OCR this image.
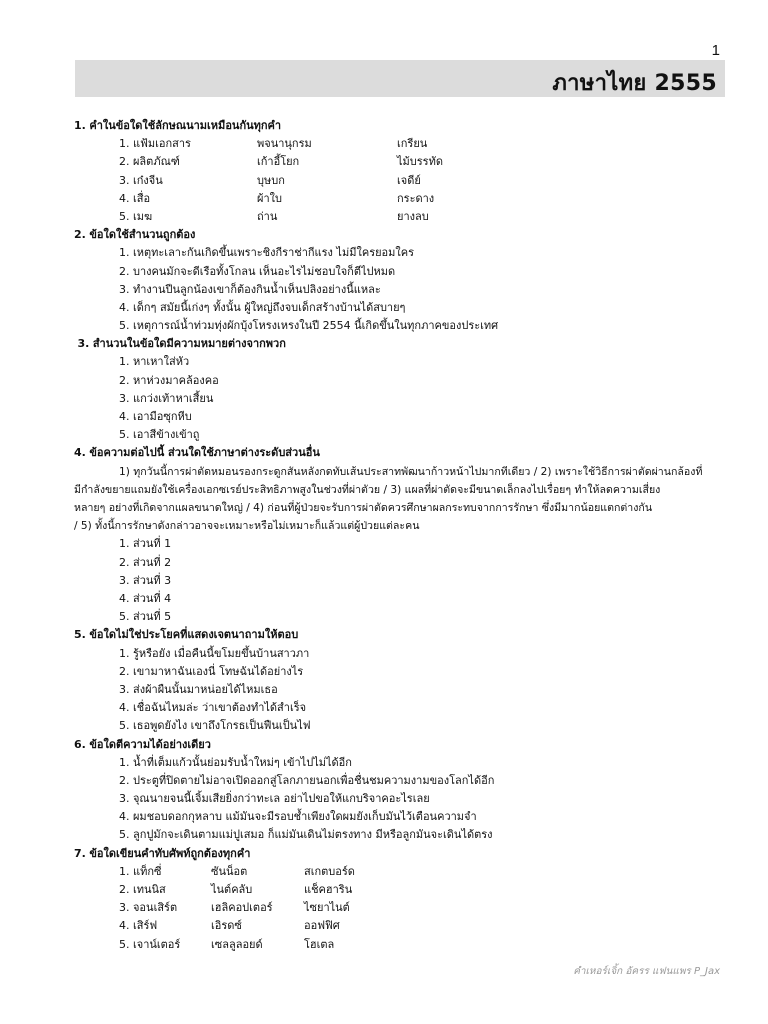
1
ภาษาไทย 2555
1. คำในข้อใดใช้ลักษณนามเหมือนกันทุกคำ
1. แฟ้มเอกสาร	พจนานุกรม	เกรียน
2. ผลิตภัณฑ์	เก้าอี้โยก	ไม้บรรทัด
3. เก๋งจีน	บุษบก	เจดีย์
4. เสื่อ	ผ้าใบ	กระดาง
5. เมฆ	ถ่าน	ยางลบ
2. ข้อใดใช้สำนวนถูกต้อง
1. เหตุทะเลาะกันเกิดขึ้นเพราะชิงกีราช่ากีแรง ไม่มีใครยอมใคร
2. บางคนมักจะดีเรือทั้งโกลน เห็นอะไรไม่ชอบใจก็ตีไปหมด
3. ทำงานปีนลูกน้องเขาก็ต้องกินน้ำเห็นปลิงอย่างนี้แหละ
4. เด็กๆ สมัยนี้เก่งๆ ทั้งนั้น ผู้ใหญ่ถึงจบเด็กสร้างบ้านได้สบายๆ
5. เหตุการณ์น้ำท่วมทุ่งผักบุ้งโหรงเหรงในปี 2554 นี้เกิดขึ้นในทุกภาคของประเทศ
3. สำนวนในข้อใดมีความหมายต่างจากพวก
1. หาเหาใส่หัว
2. หาห่วงมาคล้องคอ
3. แกว่งเท้าหาเสี้ยน
4. เอามือซุกหีบ
5. เอาสีข้างเข้าถู
4. ข้อความต่อไปนี้ ส่วนใดใช้ภาษาต่างระดับส่วนอื่น
1) ทุกวันนี้การผ่าตัดหมอนรองกระดูกสันหลังกดทับเส้นประสาทพัฒนาก้าวหน้าไปมากทีเดียว / 2) เพราะใช้วิธีการผ่าตัดผ่านกล้องที่
มีกำลังขยายแถมยังใช้เครื่องเอกซเรย์ประสิทธิภาพสูงในช่วงที่ผ่าตัวย / 3) แผลที่ผ่าตัดจะมีขนาดเล็กลงไปเรื่อยๆ ทำให้ลดความเสี่ยง
หลายๆ อย่างที่เกิดจากแผลขนาดใหญ่ / 4) ก่อนที่ผู้ป่วยจะรับการผ่าตัดควรศึกษาผลกระทบจากการรักษา ซึ่งมีมากน้อยแตกต่างกัน
/ 5) ทั้งนี้การรักษาดังกล่าวอาจจะเหมาะหรือไม่เหมาะก็แล้วแต่ผู้ป่วยแต่ละคน
1. ส่วนที่ 1
2. ส่วนที่ 2
3. ส่วนที่ 3
4. ส่วนที่ 4
5. ส่วนที่ 5
5. ข้อใดไม่ใช่ประโยคที่แสดงเจตนาถามให้ตอบ
1. รู้หรือยัง เมื่อคืนนี้ขโมยขึ้นบ้านสาวภา
2. เขามาหาฉันเองนี่ โทษฉันได้อย่างไร
3. ส่งผ้าผืนนั้นมาหน่อยได้ไหมเธอ
4. เชื่อฉันไหมล่ะ ว่าเขาต้องทำได้สำเร็จ
5. เธอพูดยังไง เขาถึงโกรธเป็นฟืนเป็นไฟ
6. ข้อใดตีความได้อย่างเดียว
1. น้ำที่เต็มแก้วนั้นย่อมรับน้ำใหม่ๆ เข้าไปไม่ได้อีก
2. ประตูที่ปิดตายไม่อาจเปิดออกสู่โลกภายนอกเพื่อชื่นชมความงามของโลกได้อีก
3. จุณนายจนนี้เจิ้มเสียยิ่งกว่าทะเล อย่าไปขอให้แกบริจาคอะไรเลย
4. ผมชอบดอกกุหลาบ แม้มันจะมีรอบช้ำเพียงใดผมยังเก็บมันไว้เตือนความจำ
5. ลูกปูมักจะเดินตามแม่ปูเสมอ ก็แม่มันเดินไม่ตรงทาง มีหรือลูกมันจะเดินได้ตรง
7. ข้อใดเขียนคำทับศัพท์ถูกต้องทุกคำ
1. แท็กซี่	ซันน็อต	สเกตบอร์ด
2. เทนนิส	ไนต์คลับ	แช็คฮาริน
3. จอนเสิร์ต	เฮลิคอปเตอร์	ไซยาไนต์
4. เสิร์ฟ	เอิรดซ์	ออฟฟิศ
5. เจาน์เตอร์	เซลลูลอยด์	โฮเตล
คำเหอร์เจิ้ก อัครร แฟนแพร P_Jax
